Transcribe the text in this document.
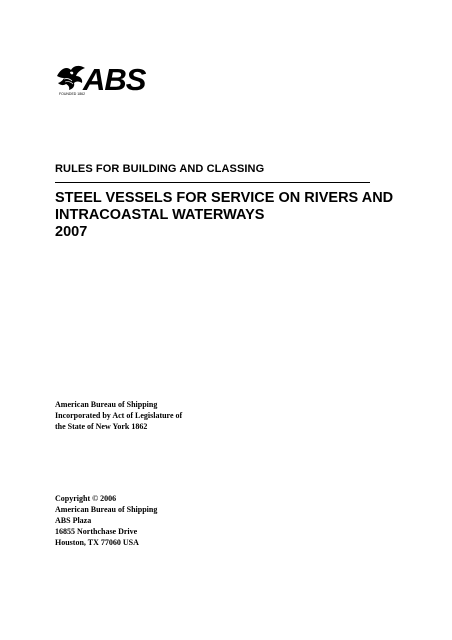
ABS
FOUNDED 1862
RULES FOR BUILDING AND CLASSING
STEEL VESSELS FOR SERVICE ON RIVERS AND
INTRACOASTAL WATERWAYS
2007
American Bureau of Shipping
Incorporated by Act of Legislature of
the State of New York 1862
Copyright © 2006
American Bureau of Shipping
ABS Plaza
16855 Northchase Drive
Houston, TX 77060 USA
